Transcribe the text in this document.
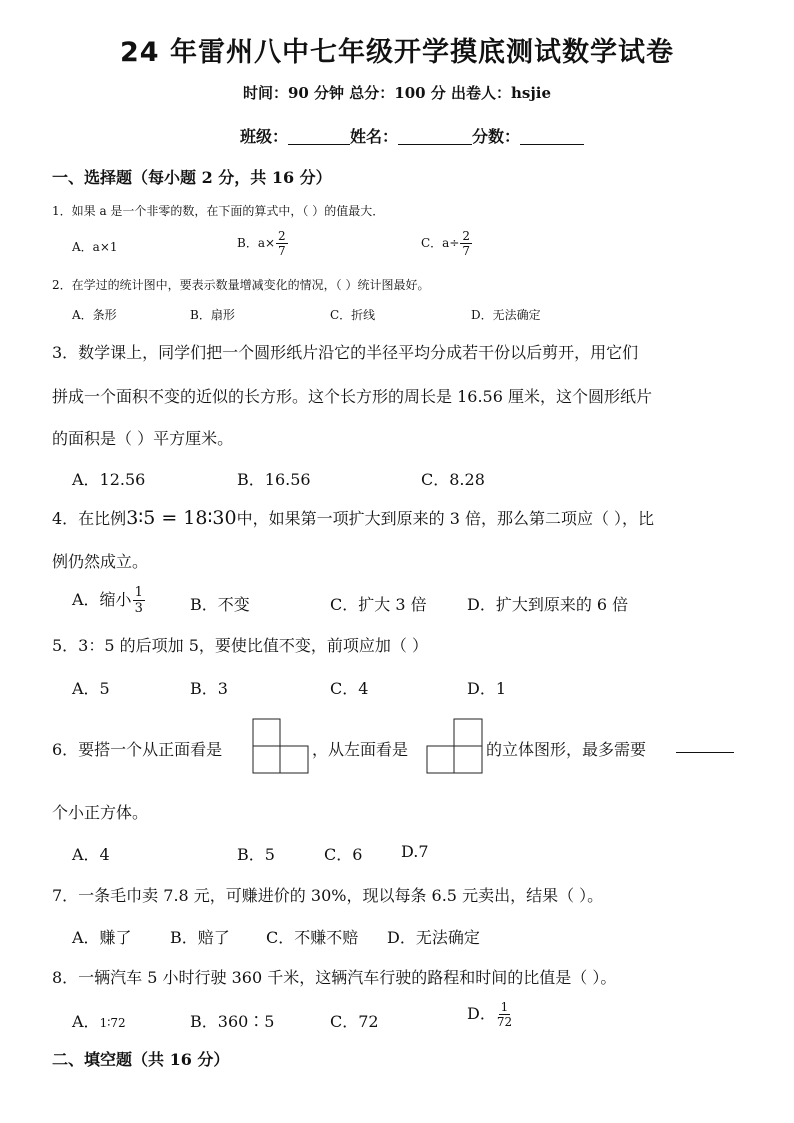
24 年雷州八中七年级开学摸底测试数学试卷
时间：90 分钟 总分：100 分 出卷人：hsjie
班级：	姓名：	分数：
一、选择题（每小题 2 分，共 16 分）
1．如果 a 是一个非零的数，在下面的算式中，（ ）的值最大．
A．a×1	B．$a\times \frac{2}{7}$	C．$a\div \frac{2}{7}$
2．在学过的统计图中，要表示数量增减变化的情况，（ ）统计图最好。
A．条形	B．扇形	C．折线	D．无法确定
3．数学课上，同学们把一个圆形纸片沿它的半径平均分成若干份以后剪开，用它们
拼成一个面积不变的近似的长方形。这个长方形的周长是 16.56 厘米，这个圆形纸片
的面积是（ ）平方厘米。
A．12.56	B．16.56	C．8.28
4．在比例3∶5 = 18∶30中，如果第一项扩大到原来的 3 倍，那么第二项应（ ），比
例仍然成立。
A．缩小 $\frac{1}{3}$	B．不变	C．扩大 3 倍	D．扩大到原来的 6 倍
5．3：5 的后项加 5，要使比值不变，前项应加（ ）
A．5	B．3	C．4	D．1
6．要搭一个从正面看是	，从左面看是	的立体图形，最多需要
个小正方体。
A．4	B．5	C．6 D.7
7．一条毛巾卖 7.8 元，可赚进价的 30%，现以每条 6.5 元卖出，结果（ ）。
A．赚了 B．赔了 C．不赚不赔 D．无法确定
8．一辆汽车 5 小时行驶 360 千米，这辆汽车行驶的路程和时间的比值是（ ）。
A．1∶72	B．360∶5	C．72	D． $\frac{1}{72}$
二、填空题（共 16 分）
